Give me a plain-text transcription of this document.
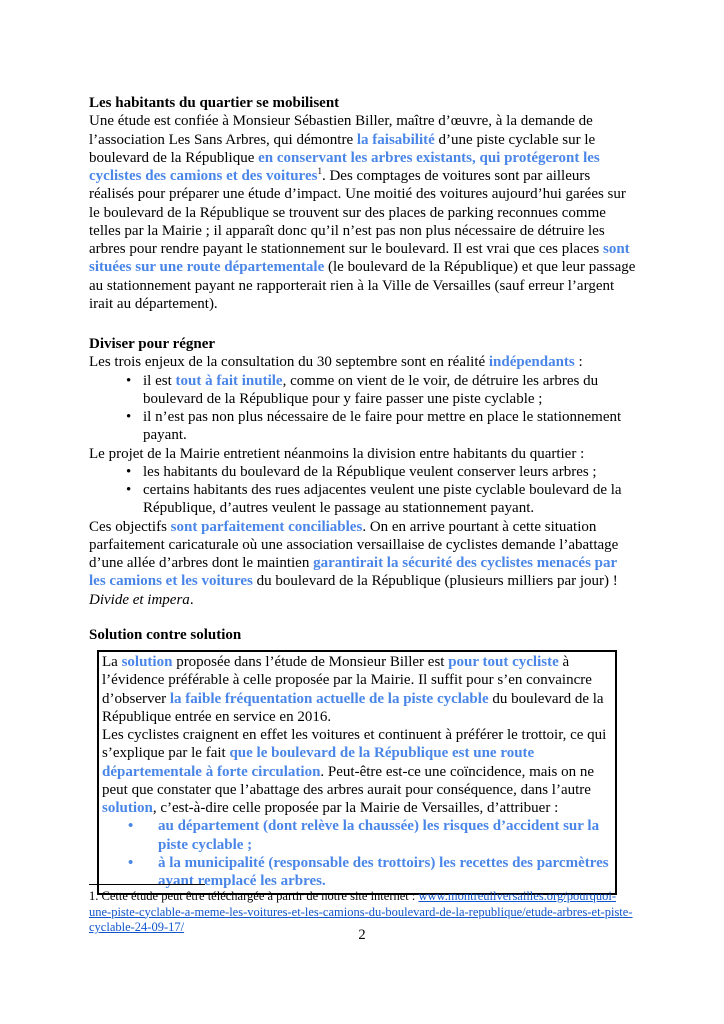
Les habitants du quartier se mobilisent

Une étude est confiée à Monsieur Sébastien Biller, maître d’œuvre, à la demande de l’association Les Sans Arbres, qui démontre la faisabilité d’une piste cyclable sur le boulevard de la République en conservant les arbres existants, qui protégeront les cyclistes des camions et des voitures$^1$. Des comptages de voitures sont par ailleurs réalisés pour préparer une étude d’impact. Une moitié des voitures aujourd’hui garées sur le boulevard de la République se trouvent sur des places de parking reconnues comme telles par la Mairie ; il apparaît donc qu’il n’est pas non plus nécessaire de détruire les arbres pour rendre payant le stationnement sur le boulevard. Il est vrai que ces places sont situées sur une route départementale (le boulevard de la République) et que leur passage au stationnement payant ne rapporterait rien à la Ville de Versailles (sauf erreur l’argent irait au département).

Diviser pour régner

Les trois enjeux de la consultation du 30 septembre sont en réalité indépendants :

• il est tout à fait inutile, comme on vient de le voir, de détruire les arbres du boulevard de la République pour y faire passer une piste cyclable ;
• il n’est pas non plus nécessaire de le faire pour mettre en place le stationnement payant.

Le projet de la Mairie entretient néanmoins la division entre habitants du quartier :

• les habitants du boulevard de la République veulent conserver leurs arbres ;
• certains habitants des rues adjacentes veulent une piste cyclable boulevard de la République, d’autres veulent le passage au stationnement payant.

Ces objectifs sont parfaitement conciliables. On en arrive pourtant à cette situation parfaitement caricaturale où une association versaillaise de cyclistes demande l’abattage d’une allée d’arbres dont le maintien garantirait la sécurité des cyclistes menacés par les camions et les voitures du boulevard de la République (plusieurs milliers par jour) ! Divide et impera.

Solution contre solution

La solution proposée dans l’étude de Monsieur Biller est pour tout cycliste à l’évidence préférable à celle proposée par la Mairie. Il suffit pour s’en convaincre d’observer la faible fréquentation actuelle de la piste cyclable du boulevard de la République entrée en service en 2016.

Les cyclistes craignent en effet les voitures et continuent à préférer le trottoir, ce qui s’explique par le fait que le boulevard de la République est une route départementale à forte circulation. Peut-être est-ce une coïncidence, mais on ne peut que constater que l’abattage des arbres aurait pour conséquence, dans l’autre solution, c’est-à-dire celle proposée par la Mairie de Versailles, d’attribuer :

• au département (dont relève la chaussée) les risques d’accident sur la piste cyclable ;
• à la municipalité (responsable des trottoirs) les recettes des parcmètres ayant remplacé les arbres.

1. Cette étude peut être téléchargée à partir de notre site internet : www.montreuilversailles.org/pourquoi-une-piste-cyclable-a-meme-les-voitures-et-les-camions-du-boulevard-de-la-republique/etude-arbres-et-piste-cyclable-24-09-17/	2
